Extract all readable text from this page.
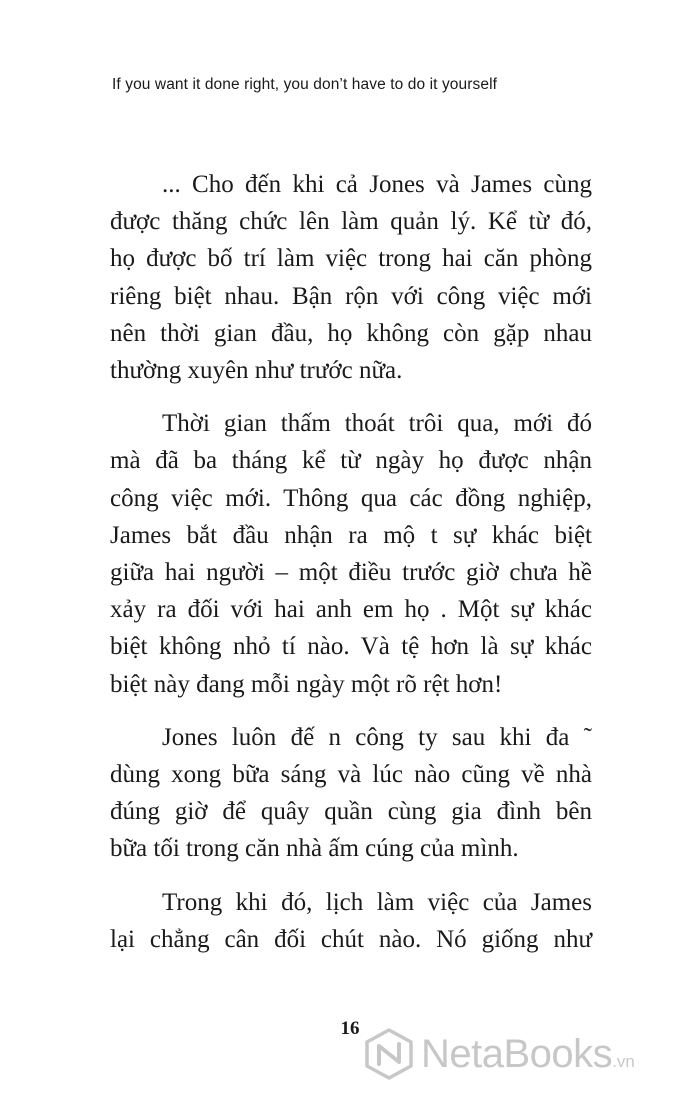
If you want it done right, you don’t have to do it yourself

... Cho đến khi cả Jones và James cùng
được thăng chức lên làm quản lý. Kể từ đó,
họ được bố trí làm việc trong hai căn phòng
riêng biệt nhau. Bận rộn với công việc mới
nên thời gian đầu, họ không còn gặp nhau
thường xuyên như trước nữa.

Thời gian thấm thoát trôi qua, mới đó
mà đã ba tháng kể từ ngày họ được nhận
công việc mới. Thông qua các đồng nghiệp,
James bắt đầu nhận ra mộ t sự khác biệt
giữa hai người – một điều trước giờ chưa hề
xảy ra đối với hai anh em họ . Một sự khác
biệt không nhỏ tí nào. Và tệ hơn là sự khác
biệt này đang mỗi ngày một rõ rệt hơn!

Jones luôn đế n công ty sau khi đa ˜
dùng xong bữa sáng và lúc nào cũng về nhà
đúng giờ để quây quần cùng gia đình bên
bữa tối trong căn nhà ấm cúng của mình.

Trong khi đó, lịch làm việc của James
lại chẳng cân đối chút nào. Nó giống như

16
NetaBooks.vn
